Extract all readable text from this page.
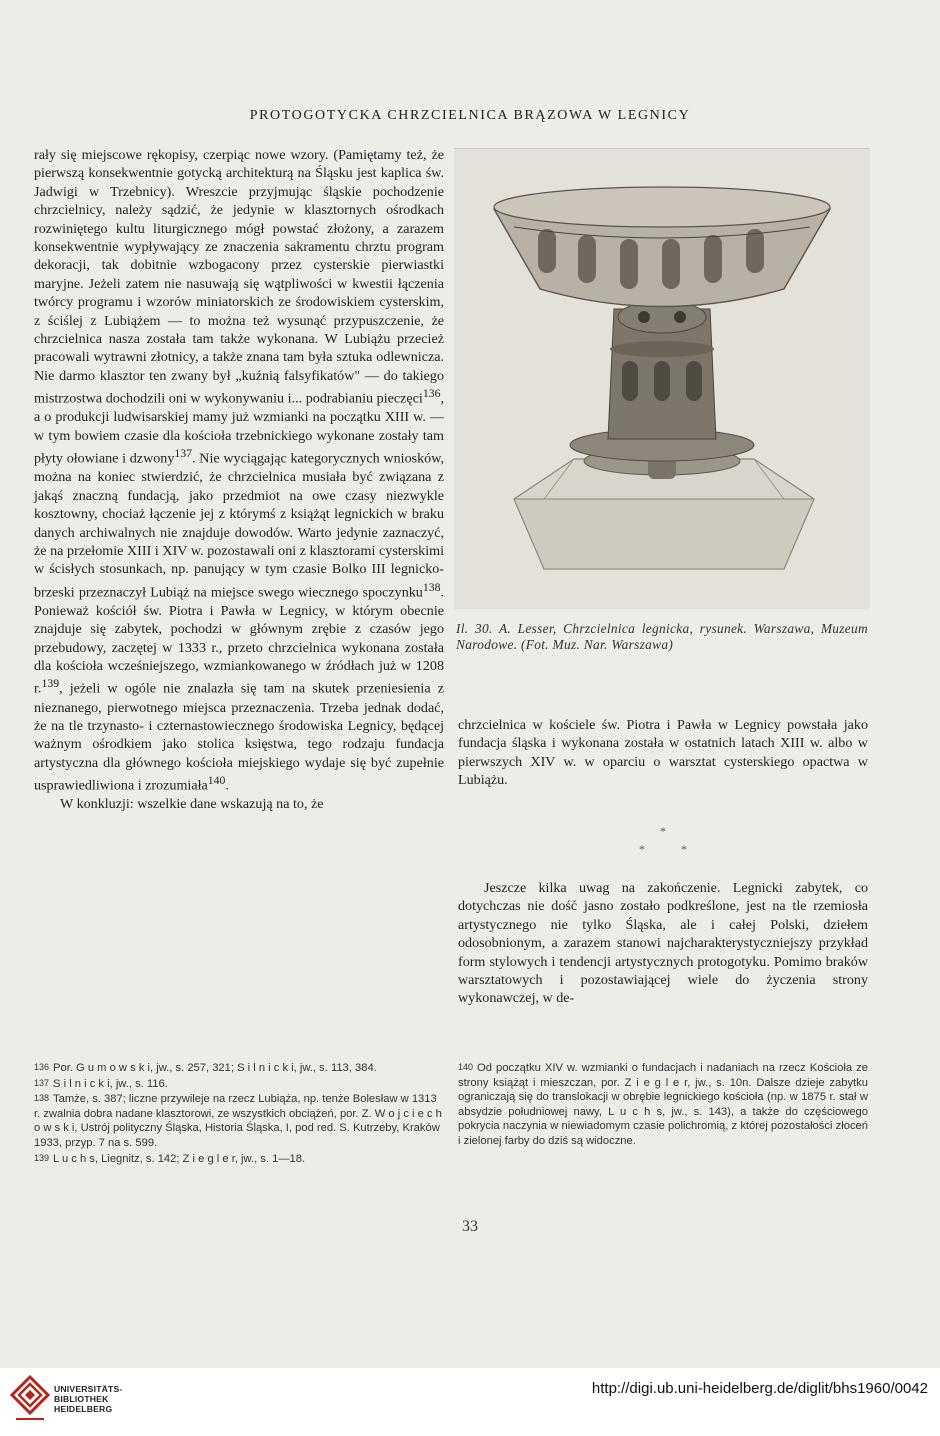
PROTOGOTYCKA CHRZCIELNICA BRĄZOWA W LEGNICY

rały się miejscowe rękopisy, czerpiąc nowe wzory. (Pamiętamy też, że pierwszą konsekwentnie gotycką architekturą na Śląsku jest kaplica św. Jadwigi w Trzebnicy). Wreszcie przyjmując śląskie pochodzenie chrzcielnicy, należy sądzić, że jedynie w klasztornych ośrodkach rozwiniętego kultu liturgicznego mógł powstać złożony, a zarazem konsekwentnie wypływający ze znaczenia sakramentu chrztu program dekoracji, tak dobitnie wzbogacony przez cysterskie pierwiastki maryjne. Jeżeli zatem nie nasuwają się wątpliwości w kwestii łączenia twórcy programu i wzorów miniatorskich ze środowiskiem cysterskim, z ściślej z Lubiążem — to można też wysunąć przypuszczenie, że chrzcielnica nasza została tam także wykonana. W Lubiążu przecież pracowali wytrawni złotnicy, a także znana tam była sztuka odlewnicza. Nie darmo klasztor ten zwany był „kuźnią falsyfikatów" — do takiego mistrzostwa dochodzili oni w wykonywaniu i... podrabianiu pieczęci$^{136}$, a o produkcji ludwisarskiej mamy już wzmianki na początku XIII w. — w tym bowiem czasie dla kościoła trzebnickiego wykonane zostały tam płyty ołowiane i dzwony$^{137}$. Nie wyciągając kategorycznych wniosków, można na koniec stwierdzić, że chrzcielnica musiała być związana z jakąś znaczną fundacją, jako przedmiot na owe czasy niezwykle kosztowny, chociaż łączenie jej z którymś z książąt legnickich w braku danych archiwalnych nie znajduje dowodów. Warto jedynie zaznaczyć, że na przełomie XIII i XIV w. pozostawali oni z klasztorami cysterskimi w ścisłych stosunkach, np. panujący w tym czasie Bolko III legnicko-brzeski przeznaczył Lubiąż na miejsce swego wiecznego spoczynku$^{138}$. Ponieważ kościół św. Piotra i Pawła w Legnicy, w którym obecnie znajduje się zabytek, pochodzi w głównym zrębie z czasów jego przebudowy, zaczętej w 1333 r., przeto chrzcielnica wykonana została dla kościoła wcześniejszego, wzmiankowanego w źródłach już w 1208 r.$^{139}$, jeżeli w ogóle nie znalazła się tam na skutek przeniesienia z nieznanego, pierwotnego miejsca przeznaczenia. Trzeba jednak dodać, że na tle trzynasto- i czternastowiecznego środowiska Legnicy, będącej ważnym ośrodkiem jako stolica księstwa, tego rodzaju fundacja artystyczna dla głównego kościoła miejskiego wydaje się być zupełnie usprawiedliwiona i zrozumiała$^{140}$.

W konkluzji: wszelkie dane wskazują na to, że

Il. 30. A. Lesser, Chrzcielnica legnicka, rysunek. Warszawa, Muzeum Narodowe. (Fot. Muz. Nar. Warszawa)

chrzcielnica w kościele św. Piotra i Pawła w Legnicy powstała jako fundacja śląska i wykonana została w ostatnich latach XIII w. albo w pierwszych XIV w. w oparciu o warsztat cysterskiego opactwa w Lubiążu.

*
*            *

Jeszcze kilka uwag na zakończenie. Legnicki zabytek, co dotychczas nie dość jasno zostało podkreślone, jest na tle rzemiosła artystycznego nie tylko Śląska, ale i całej Polski, dziełem odosobnionym, a zarazem stanowi najcharakterystyczniejszy przykład form stylowych i tendencji artystycznych protogotyku. Pomimo braków warsztatowych i pozostawiającej wiele do życzenia strony wykonawczej, w de-

136 Por. G u m o w s k i, jw., s. 257, 321; S i l n i c k i, jw., s. 113, 384.

137 S i l n i c k i, jw., s. 116.

138 Tamże, s. 387; liczne przywileje na rzecz Lubiąża, np. tenże Bolesław w 1313 r. zwalnia dobra nadane klasztorowi, ze wszystkich obciążeń, por. Z. W o j c i e c h o w s k i, Ustrój polityczny Śląska, Historia Śląska, I, pod red. S. Kutrzeby, Kraków 1933, przyp. 7 na s. 599.

139 L u c h s, Liegnitz, s. 142; Z i e g l e r, jw., s. 1—18.

140 Od początku XIV w. wzmianki o fundacjach i nadaniach na rzecz Kościoła ze strony książąt i mieszczan, por. Z i e g l e r, jw., s. 10n. Dalsze dzieje zabytku ograniczają się do translokacji w obrębie legnickiego kościoła (np. w 1875 r. stał w absydzie południowej nawy, L u c h s, jw., s. 143), a także do częściowego pokrycia naczynia w niewiadomym czasie polichromią, z której pozostałości złoceń i zielonej farby do dziś są widoczne.

33
UNIVERSITÄTS-
BIBLIOTHEK
HEIDELBERG
http://digi.ub.uni-heidelberg.de/diglit/bhs1960/0042
